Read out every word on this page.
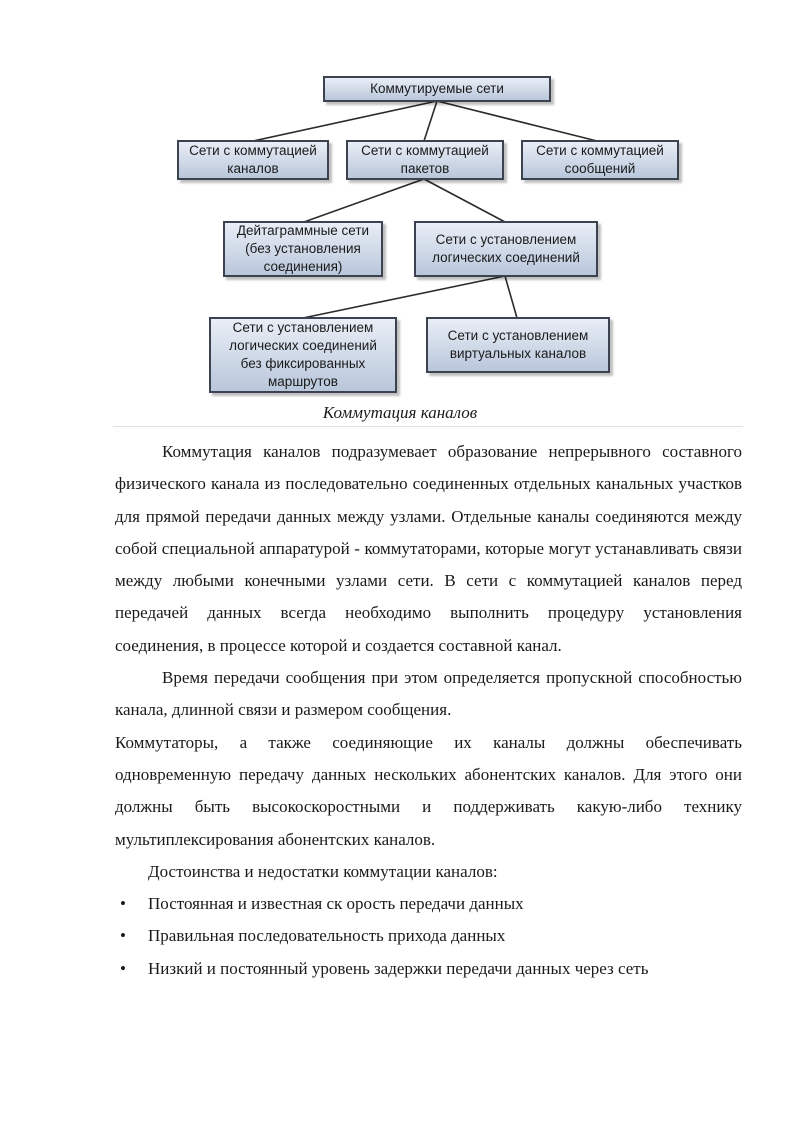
Коммутируемые сети
Сети с коммутацией
каналов
Сети с коммутацией
пакетов
Сети с коммутацией
сообщений
Дейтаграммные сети
(без установления
соединения)
Сети с установлением
логических соединений
Сети с установлением
логических соединений
без фиксированных
маршрутов
Сети с установлением
виртуальных каналов
Коммутация каналов

Коммутация каналов подразумевает образование непрерывного составного физического канала из последовательно соединенных отдельных канальных участков для прямой передачи данных между узлами. Отдельные каналы соединяются между собой специальной аппаратурой - коммутаторами, которые могут устанавливать связи между любыми конечными узлами сети. В сети с коммутацией каналов перед передачей данных всегда необходимо выполнить процедуру установления соединения, в процессе которой и создается составной канал.

Время передачи сообщения при этом определяется пропускной способностью канала, длинной связи и размером сообщения.

Коммутаторы, а также соединяющие их каналы должны обеспечивать одновременную передачу данных нескольких абонентских каналов. Для этого они должны быть высокоскоростными и поддерживать какую-либо технику мультиплексирования абонентских каналов.

Достоинства и недостатки коммутации каналов:

• Постоянная и известная ск орость передачи данных
• Правильная последовательность прихода данных
• Низкий и постоянный уровень задержки передачи данных через сеть
